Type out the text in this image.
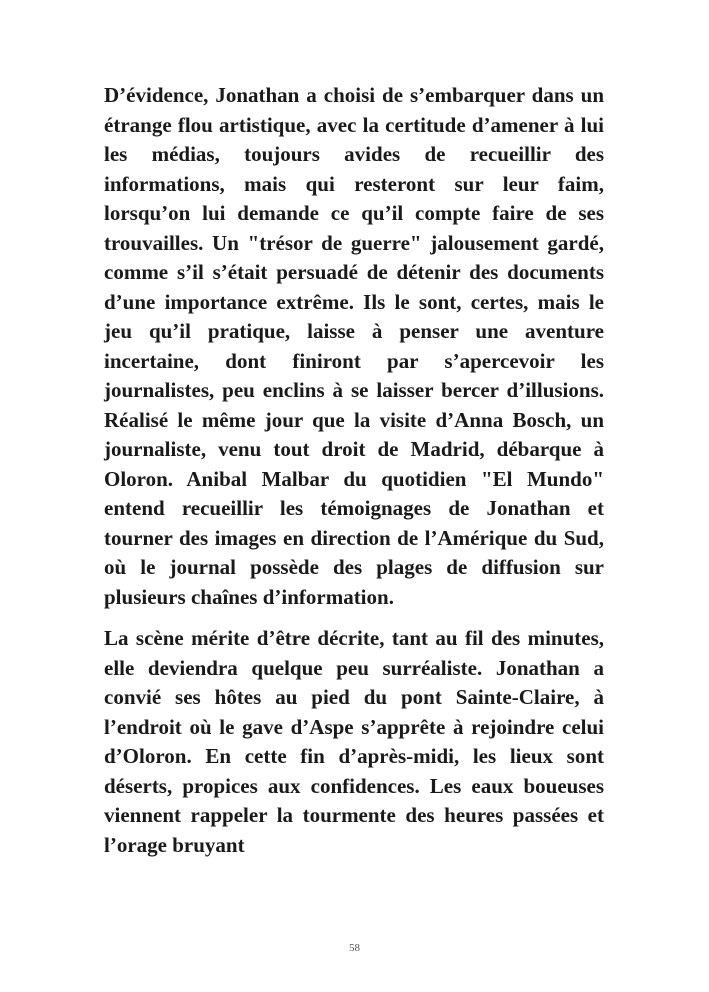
D’évidence, Jonathan a choisi de s’embarquer dans un étrange flou artistique, avec la certitude d’amener à lui les médias, toujours avides de recueillir des informations, mais qui resteront sur leur faim, lorsqu’on lui demande ce qu’il compte faire de ses trouvailles. Un "trésor de guerre" jalousement gardé, comme s’il s’était persuadé de détenir des documents d’une importance extrême. Ils le sont, certes, mais le jeu qu’il pratique, laisse à penser une aventure incertaine, dont finiront par s’apercevoir les journalistes, peu enclins à se laisser bercer d’illusions. Réalisé le même jour que la visite d’Anna Bosch, un journaliste, venu tout droit de Madrid, débarque à Oloron. Anibal Malbar du quotidien "El Mundo" entend recueillir les témoignages de Jonathan et tourner des images en direction de l’Amérique du Sud, où le journal possède des plages de diffusion sur plusieurs chaînes d’information.

La scène mérite d’être décrite, tant au fil des minutes, elle deviendra quelque peu surréaliste. Jonathan a convié ses hôtes au pied du pont Sainte-Claire, à l’endroit où le gave d’Aspe s’apprête à rejoindre celui d’Oloron. En cette fin d’après-midi, les lieux sont déserts, propices aux confidences. Les eaux boueuses viennent rappeler la tourmente des heures passées et l’orage bruyant

58
